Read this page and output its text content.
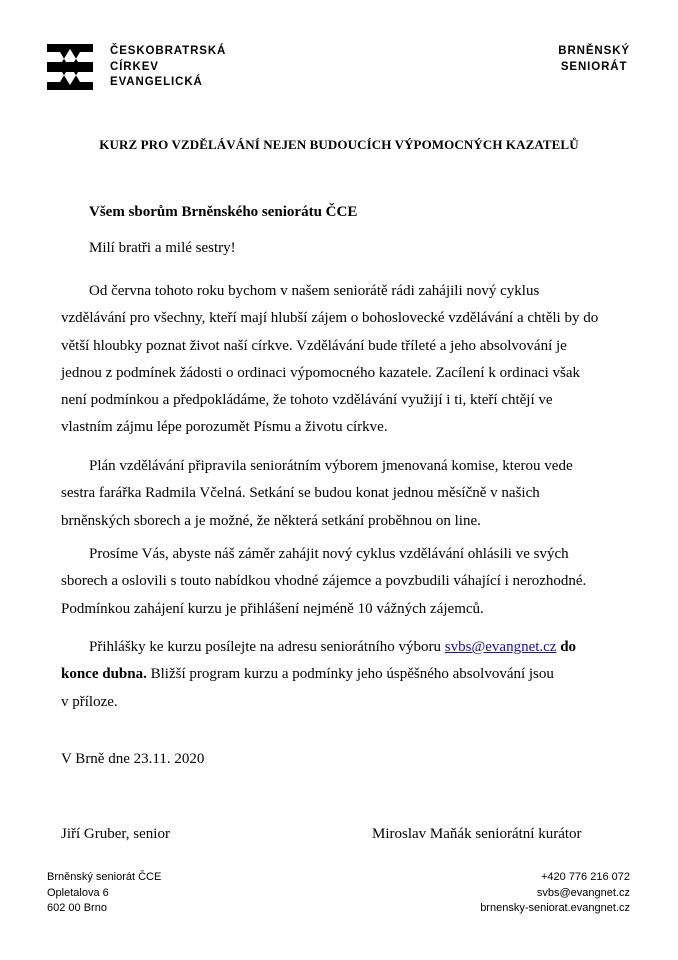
ČESKOBRATRSKÁ
CÍRKEV
EVANGELICKÁ
BRNĚNSKÝ
SENIORÁT
KURZ PRO VZDĚLÁVÁNÍ NEJEN BUDOUCÍCH VÝPOMOCNÝCH KAZATELŮ
Všem sborům Brněnského seniorátu ČCE
Milí bratři a milé sestry!
Od června tohoto roku bychom v našem seniorátě rádi zahájili nový cyklus
vzdělávání pro všechny, kteří mají hlubší zájem o bohoslovecké vzdělávání a chtěli by do
větší hloubky poznat život naší církve. Vzdělávání bude tříleté a jeho absolvování je
jednou z podmínek žádosti o ordinaci výpomocného kazatele. Zacílení k ordinaci však
není podmínkou a předpokládáme, že tohoto vzdělávání využijí i ti, kteří chtějí ve
vlastním zájmu lépe porozumět Písmu a životu církve.
Plán vzdělávání připravila seniorátním výborem jmenovaná komise, kterou vede
sestra farářka Radmila Včelná. Setkání se budou konat jednou měsíčně v našich
brněnských sborech a je možné, že některá setkání proběhnou on line.
Prosíme Vás, abyste náš záměr zahájit nový cyklus vzdělávání ohlásili ve svých
sborech a oslovili s touto nabídkou vhodné zájemce a povzbudili váhající i nerozhodné.
Podmínkou zahájení kurzu je přihlášení nejméně 10 vážných zájemců.
Přihlášky ke kurzu posílejte na adresu seniorátního výboru svbs@evangnet.cz do
konce dubna. Bližší program kurzu a podmínky jeho úspěšného absolvování jsou
v příloze.
V Brně dne 23.11. 2020
Jiří Gruber, senior	Miroslav Maňák seniorátní kurátor
Brněnský seniorát ČCE
Opletalova 6
602 00 Brno
+420 776 216 072
svbs@evangnet.cz
brnensky-seniorat.evangnet.cz
